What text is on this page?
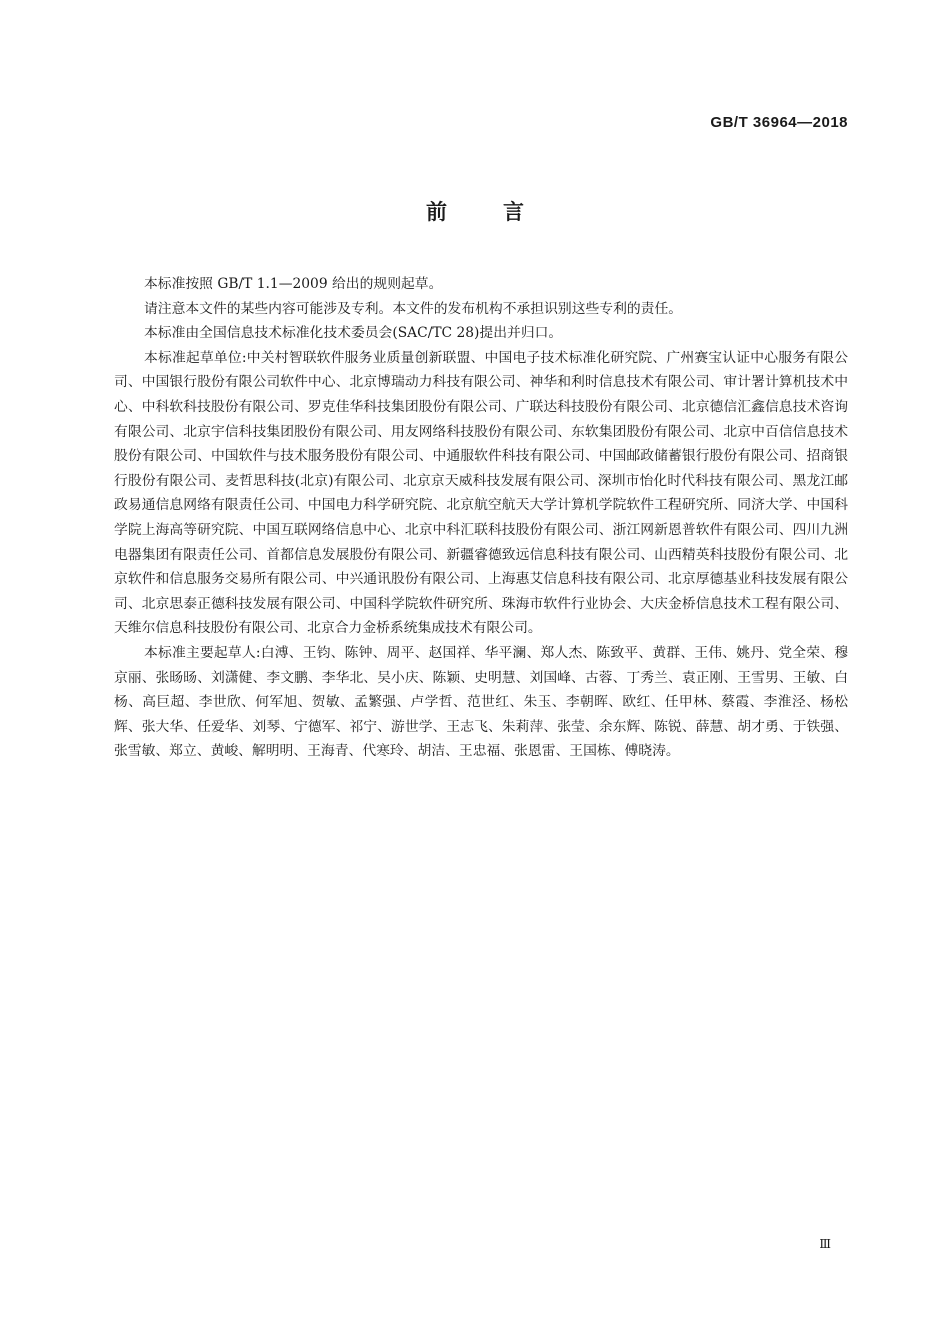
GB/T 36964—2018

前言

本标准按照 GB/T 1.1—2009 给出的规则起草。

请注意本文件的某些内容可能涉及专利。本文件的发布机构不承担识别这些专利的责任。

本标准由全国信息技术标准化技术委员会(SAC/TC 28)提出并归口。

本标准起草单位:中关村智联软件服务业质量创新联盟、中国电子技术标准化研究院、广州赛宝认证中心服务有限公司、中国银行股份有限公司软件中心、北京博瑞动力科技有限公司、神华和利时信息技术有限公司、审计署计算机技术中心、中科软科技股份有限公司、罗克佳华科技集团股份有限公司、广联达科技股份有限公司、北京德信汇鑫信息技术咨询有限公司、北京宇信科技集团股份有限公司、用友网络科技股份有限公司、东软集团股份有限公司、北京中百信信息技术股份有限公司、中国软件与技术服务股份有限公司、中通服软件科技有限公司、中国邮政储蓄银行股份有限公司、招商银行股份有限公司、麦哲思科技(北京)有限公司、北京京天威科技发展有限公司、深圳市怡化时代科技有限公司、黑龙江邮政易通信息网络有限责任公司、中国电力科学研究院、北京航空航天大学计算机学院软件工程研究所、同济大学、中国科学院上海高等研究院、中国互联网络信息中心、北京中科汇联科技股份有限公司、浙江网新恩普软件有限公司、四川九洲电器集团有限责任公司、首都信息发展股份有限公司、新疆睿德致远信息科技有限公司、山西精英科技股份有限公司、北京软件和信息服务交易所有限公司、中兴通讯股份有限公司、上海惠艾信息科技有限公司、北京厚德基业科技发展有限公司、北京思泰正德科技发展有限公司、中国科学院软件研究所、珠海市软件行业协会、大庆金桥信息技术工程有限公司、天维尔信息科技股份有限公司、北京合力金桥系统集成技术有限公司。

本标准主要起草人:白溥、王钧、陈钟、周平、赵国祥、华平澜、郑人杰、陈致平、黄群、王伟、姚丹、党全荣、穆京丽、张旸旸、刘潇健、李文鹏、李华北、吴小庆、陈颖、史明慧、刘国峰、古蓉、丁秀兰、袁正刚、王雪男、王敏、白杨、高巨超、李世欣、何军旭、贺敏、孟繁强、卢学哲、范世红、朱玉、李朝晖、欧红、任甲林、蔡霞、李淮泾、杨松辉、张大华、任爱华、刘琴、宁德军、祁宁、游世学、王志飞、朱莉萍、张莹、余东辉、陈锐、薛慧、胡才勇、于铁强、张雪敏、郑立、黄峻、解明明、王海青、代寒玲、胡洁、王忠福、张恩雷、王国栋、傅晓涛。

Ⅲ
